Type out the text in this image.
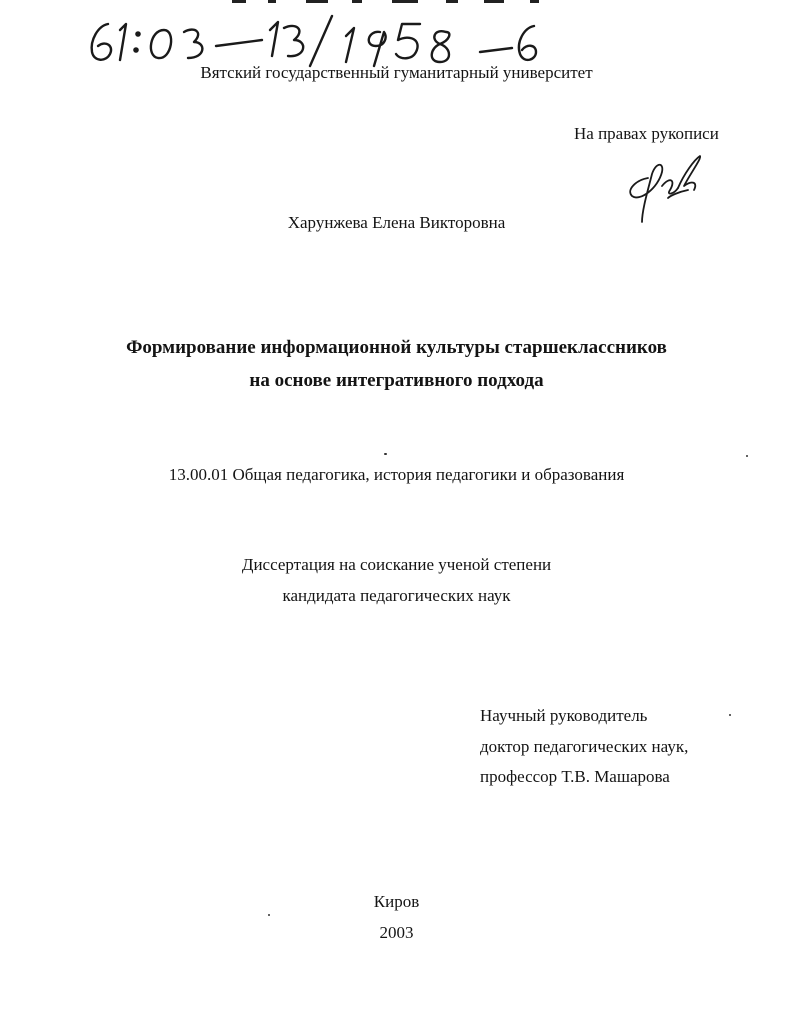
Вятский государственный гуманитарный университет
На правах рукописи
Харунжева Елена Викторовна
Формирование информационной культуры старшеклассников
на основе интегративного подхода
13.00.01 Общая педагогика, история педагогики и образования
Диссертация на соискание ученой степени
кандидата педагогических наук
Научный руководитель
доктор педагогических наук,
профессор Т.В. Машарова
Киров
2003
